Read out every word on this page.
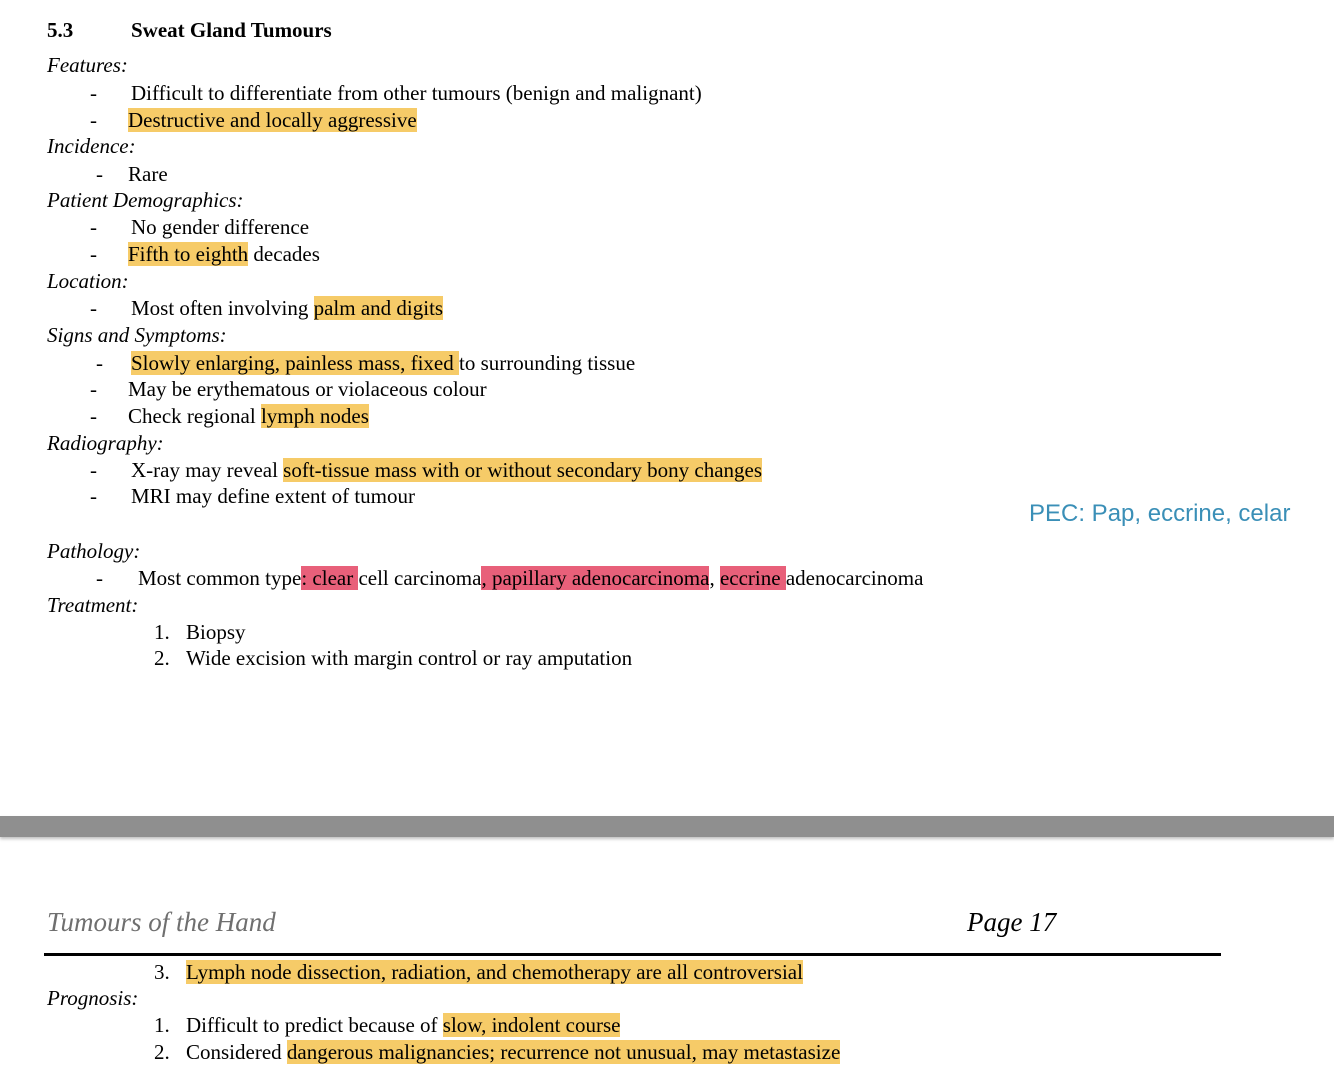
5.3	Sweat Gland Tumours
Features:
- Difficult to differentiate from other tumours (benign and malignant)
- Destructive and locally aggressive
Incidence:
- Rare
Patient Demographics:
- No gender difference
- Fifth to eighth decades
Location:
- Most often involving palm and digits
Signs and Symptoms:
- Slowly enlarging, painless mass, fixed to surrounding tissue
- May be erythematous or violaceous colour
- Check regional lymph nodes
Radiography:
- X-ray may reveal soft-tissue mass with or without secondary bony changes
- MRI may define extent of tumour
PEC: Pap, eccrine, celar
Pathology:
- Most common type: clear cell carcinoma, papillary adenocarcinoma, eccrine adenocarcinoma
Treatment:
1. Biopsy
2. Wide excision with margin control or ray amputation
Tumours of the Hand	Page 17
3. Lymph node dissection, radiation, and chemotherapy are all controversial
Prognosis:
1. Difficult to predict because of slow, indolent course
2. Considered dangerous malignancies; recurrence not unusual, may metastasize
